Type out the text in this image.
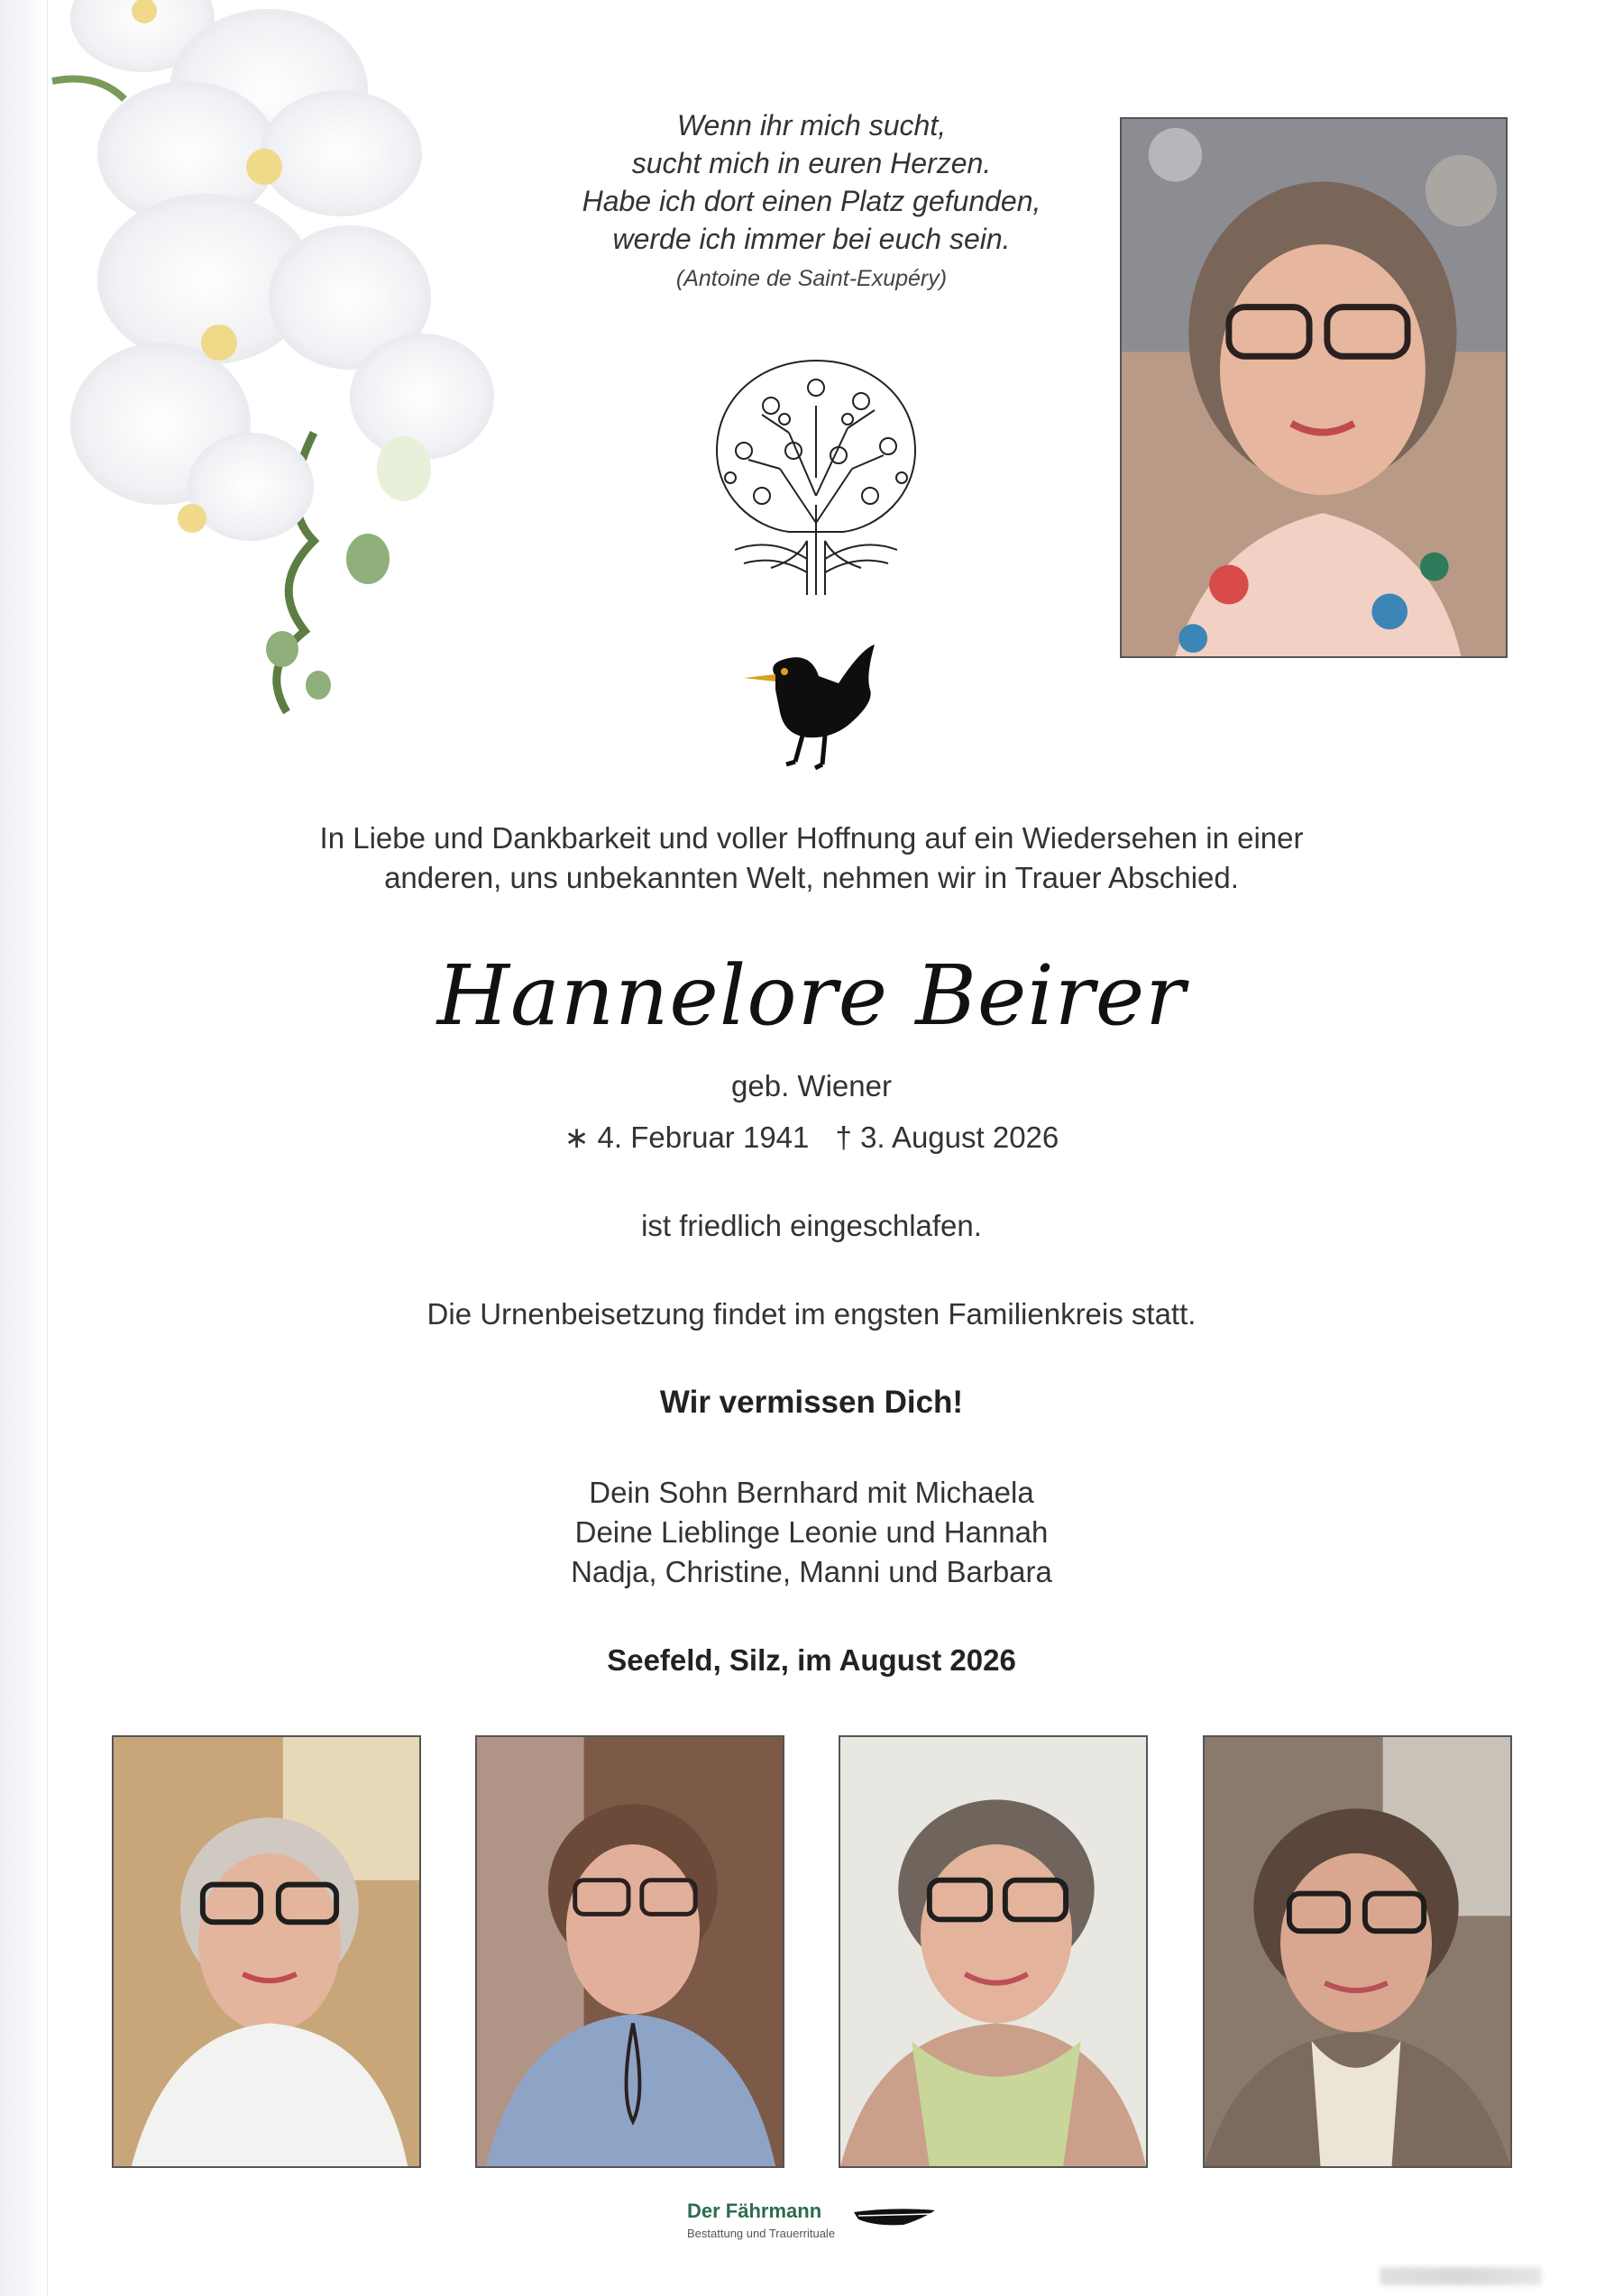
Wenn ihr mich sucht,
sucht mich in euren Herzen.
Habe ich dort einen Platz gefunden,
werde ich immer bei euch sein.
(Antoine de Saint-Exupéry)
In Liebe und Dankbarkeit und voller Hoffnung auf ein Wiedersehen in einer
anderen, uns unbekannten Welt, nehmen wir in Trauer Abschied.
Hannelore Beirer
geb. Wiener
∗ 4. Februar 1941 † 3. August 2026
ist friedlich eingeschlafen.
Die Urnenbeisetzung findet im engsten Familienkreis statt.
Wir vermissen Dich!
Dein Sohn Bernhard mit Michaela
Deine Lieblinge Leonie und Hannah
Nadja, Christine, Manni und Barbara
Seefeld, Silz, im August 2026
Der Fährmann
Bestattung und Trauerrituale
